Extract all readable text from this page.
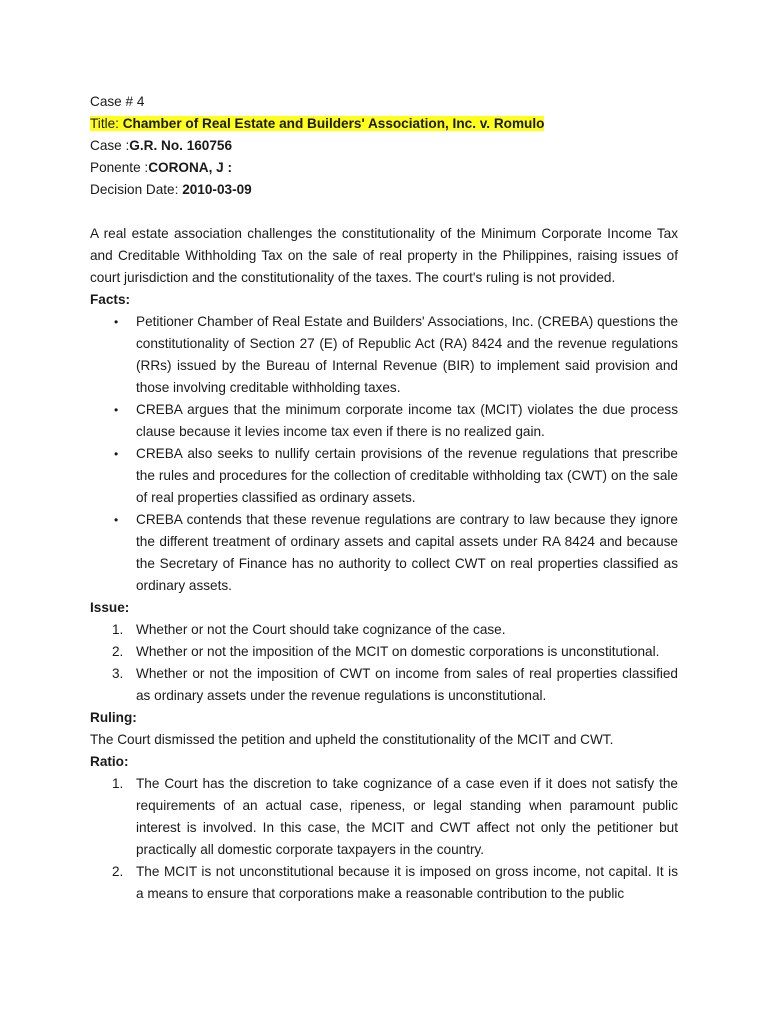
Case # 4

Title: Chamber of Real Estate and Builders' Association, Inc. v. Romulo

Case :G.R. No. 160756

Ponente :CORONA, J :

Decision Date: 2010-03-09

A real estate association challenges the constitutionality of the Minimum Corporate Income Tax and Creditable Withholding Tax on the sale of real property in the Philippines, raising issues of court jurisdiction and the constitutionality of the taxes. The court's ruling is not provided.

Facts:

• Petitioner Chamber of Real Estate and Builders' Associations, Inc. (CREBA) questions the constitutionality of Section 27 (E) of Republic Act (RA) 8424 and the revenue regulations (RRs) issued by the Bureau of Internal Revenue (BIR) to implement said provision and those involving creditable withholding taxes.
• CREBA argues that the minimum corporate income tax (MCIT) violates the due process clause because it levies income tax even if there is no realized gain.
• CREBA also seeks to nullify certain provisions of the revenue regulations that prescribe the rules and procedures for the collection of creditable withholding tax (CWT) on the sale of real properties classified as ordinary assets.
• CREBA contends that these revenue regulations are contrary to law because they ignore the different treatment of ordinary assets and capital assets under RA 8424 and because the Secretary of Finance has no authority to collect CWT on real properties classified as ordinary assets.

Issue:

1. Whether or not the Court should take cognizance of the case.
2. Whether or not the imposition of the MCIT on domestic corporations is unconstitutional.
3. Whether or not the imposition of CWT on income from sales of real properties classified as ordinary assets under the revenue regulations is unconstitutional.

Ruling:

The Court dismissed the petition and upheld the constitutionality of the MCIT and CWT.

Ratio:

1. The Court has the discretion to take cognizance of a case even if it does not satisfy the requirements of an actual case, ripeness, or legal standing when paramount public interest is involved. In this case, the MCIT and CWT affect not only the petitioner but practically all domestic corporate taxpayers in the country.
2. The MCIT is not unconstitutional because it is imposed on gross income, not capital. It is a means to ensure that corporations make a reasonable contribution to the public
